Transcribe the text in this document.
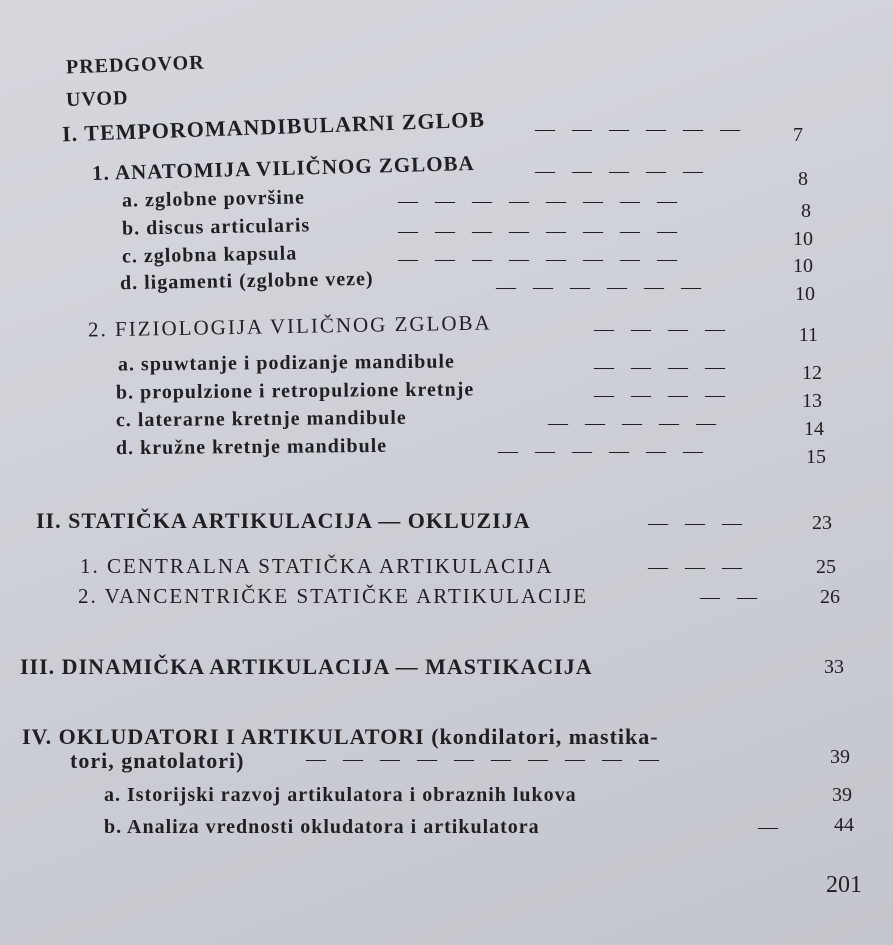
PREDGOVOR
UVOD
I. TEMPOROMANDIBULARNI ZGLOB — — — — — —	7
1. ANATOMIJA VILIČNOG ZGLOBA	— — — — —	8
a. zglobne površine	— — — — — — — —	8
b. discus articularis	— — — — — — — —	10
c. zglobna kapsula	— — — — — — — —	10
d. ligamenti (zglobne veze)	— — — — — —	10
2. FIZIOLOGIJA VILIČNOG ZGLOBA	— — — —	11
a. spuwtanje i podizanje mandibule	— — — —	12
b. propulzione i retropulzione kretnje	— — — —	13
c. laterarne kretnje mandibule	— — — — —	14
d. kružne kretnje mandibule	— — — — — —	15
II. STATIČKA ARTIKULACIJA — OKLUZIJA	— — —	23
1. CENTRALNA STATIČKA ARTIKULACIJA	— — —	25
2. VANCENTRIČKE STATIČKE ARTIKULACIJE	— —	26
III. DINAMIČKA ARTIKULACIJA — MASTIKACIJA	33
IV. OKLUDATORI I ARTIKULATORI (kondilatori, mastika-
tori, gnatolatori)	— — — — — — — — — —	39
a. Istorijski razvoj artikulatora i obraznih lukova	39
b. Analiza vrednosti okludatora i artikulatora	—	44
201
